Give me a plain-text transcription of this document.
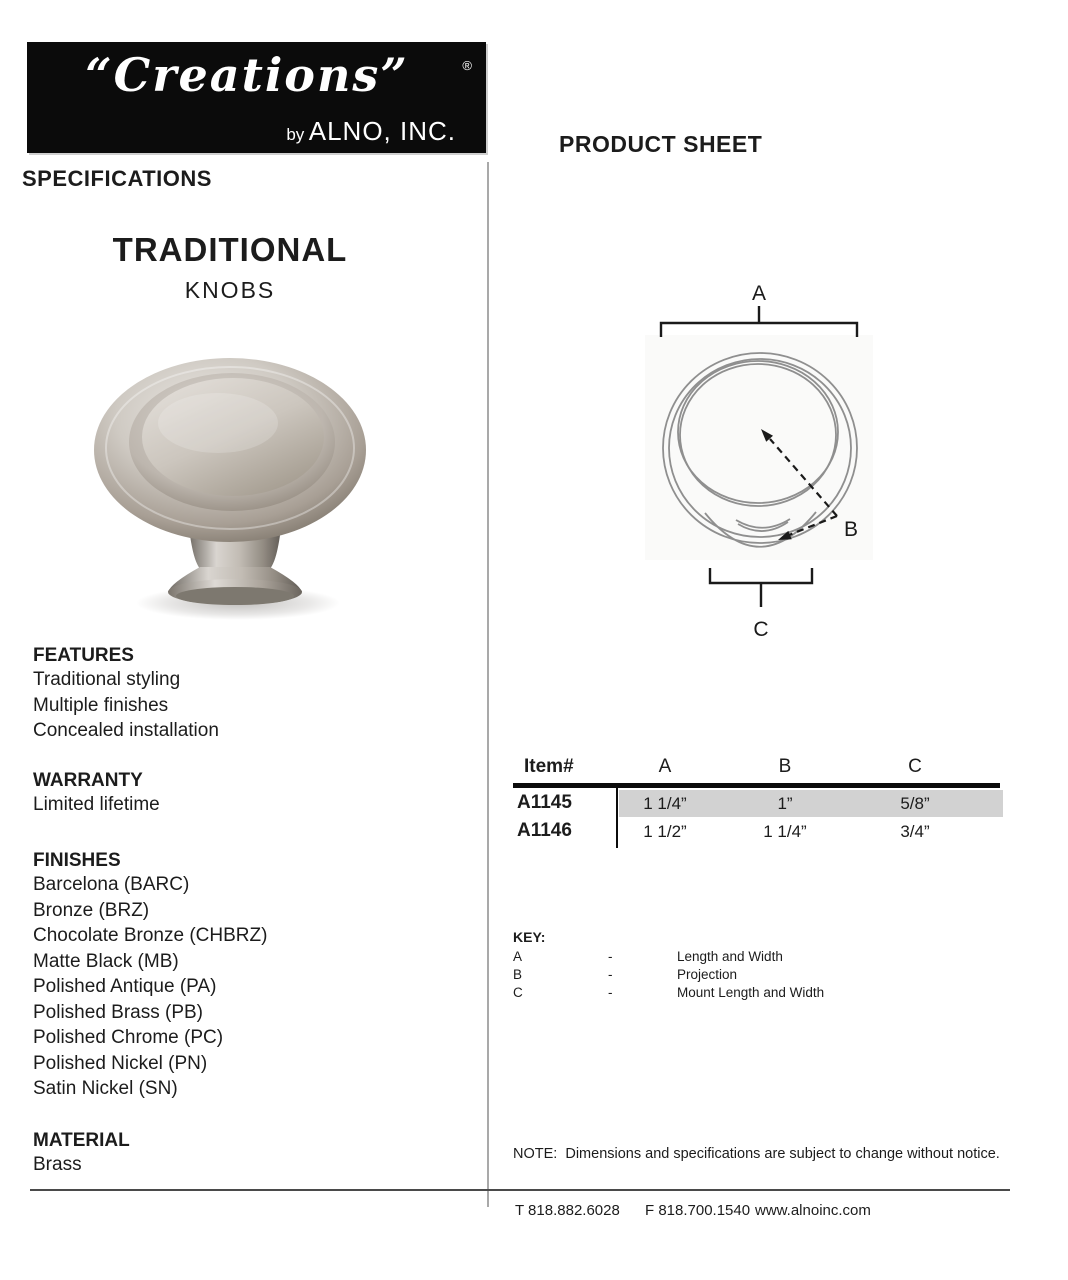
“Creations”	®
by ALNO, INC.
SPECIFICATIONS
PRODUCT SHEET
TRADITIONAL
KNOBS
FEATURES
Traditional styling
Multiple finishes
Concealed installation
WARRANTY
Limited lifetime
FINISHES
Barcelona (BARC)
Bronze (BRZ)
Chocolate Bronze (CHBRZ)
Matte Black (MB)
Polished Antique (PA)
Polished Brass (PB)
Polished Chrome (PC)
Polished Nickel (PN)
Satin Nickel (SN)
MATERIAL
Brass
A
B
C
Item#	A	B	C
A1145	1 1/4”	1”	5/8”
A1146	1 1/2”	1 1/4”	3/4”
KEY:
A	-	Length and Width
B	-	Projection
C	-	Mount Length and Width
NOTE:  Dimensions and specifications are subject to change without notice.
T 818.882.6028 F 818.700.1540 www.alnoinc.com
